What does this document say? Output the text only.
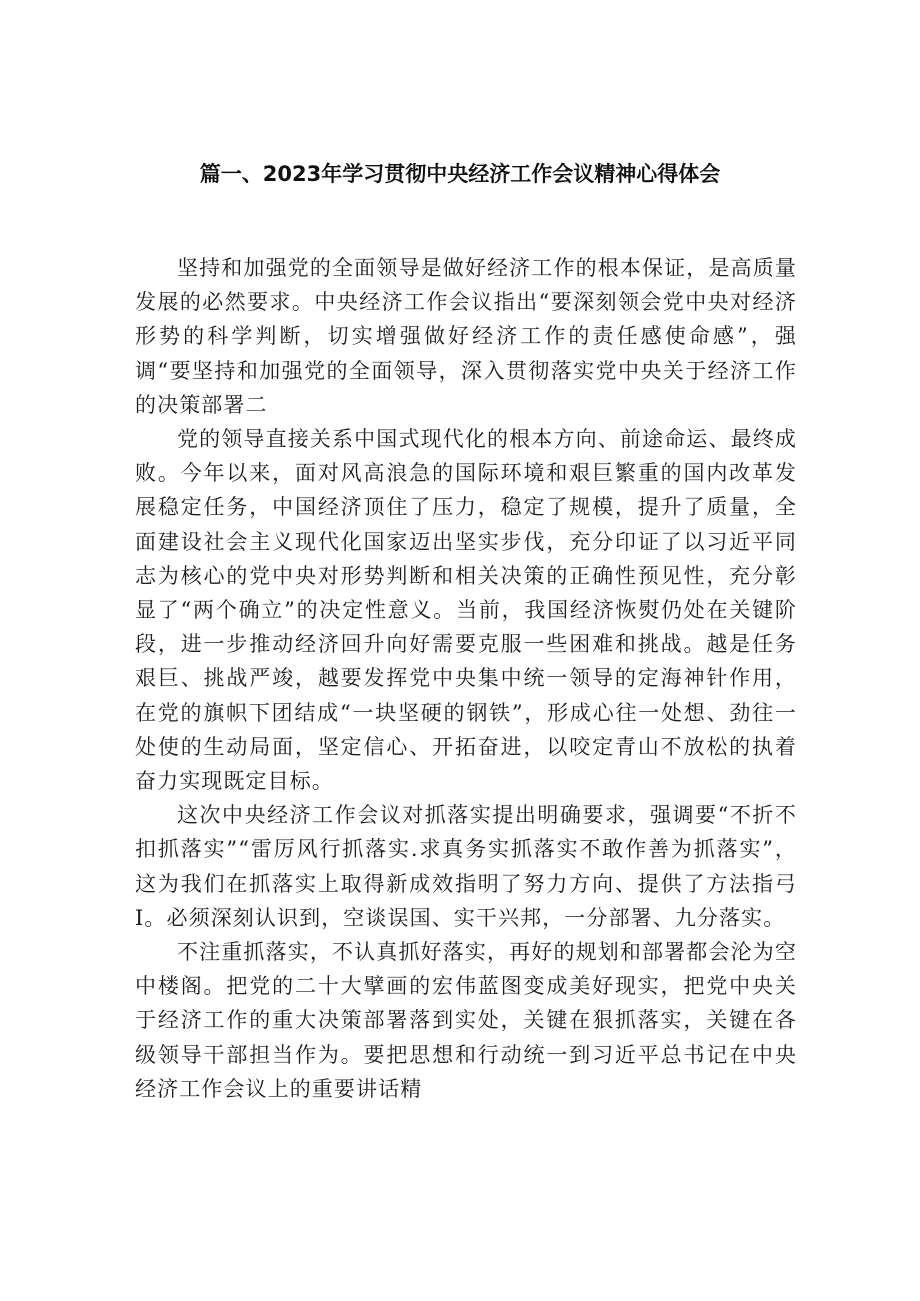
篇一、2023年学习贯彻中央经济工作会议精神心得体会

坚持和加强党的全面领导是做好经济工作的根本保证，是高质量发展的必然要求。中央经济工作会议指出“要深刻领会党中央对经济形势的科学判断，切实增强做好经济工作的责任感使命感”，强调“要坚持和加强党的全面领导，深入贯彻落实党中央关于经济工作的决策部署二

党的领导直接关系中国式现代化的根本方向、前途命运、最终成败。今年以来，面对风高浪急的国际环境和艰巨繁重的国内改革发展稳定任务，中国经济顶住了压力，稳定了规模，提升了质量，全面建设社会主义现代化国家迈出坚实步伐，充分印证了以习近平同志为核心的党中央对形势判断和相关决策的正确性预见性，充分彰显了“两个确立”的决定性意义。当前，我国经济恢熨仍处在关键阶段，进一步推动经济回升向好需要克服一些困难和挑战。越是任务艰巨、挑战严竣，越要发挥党中央集中统一领导的定海神针作用，在党的旗帜下团结成“一块坚硬的钢铁”，形成心往一处想、劲往一处使的生动局面，坚定信心、开拓奋进，以咬定青山不放松的执着奋力实现既定目标。

这次中央经济工作会议对抓落实提出明确要求，强调要“不折不扣抓落实”“雷厉风行抓落实.求真务实抓落实不敢作善为抓落实”，这为我们在抓落实上取得新成效指明了努力方向、提供了方法指弓I。必须深刻认识到，空谈误国、实干兴邦，一分部署、九分落实。

不注重抓落实，不认真抓好落实，再好的规划和部署都会沦为空中楼阁。把党的二十大擘画的宏伟蓝图变成美好现实，把党中央关于经济工作的重大决策部署落到实处，关键在狠抓落实，关键在各级领导干部担当作为。要把思想和行动统一到习近平总书记在中央经济工作会议上的重要讲话精
